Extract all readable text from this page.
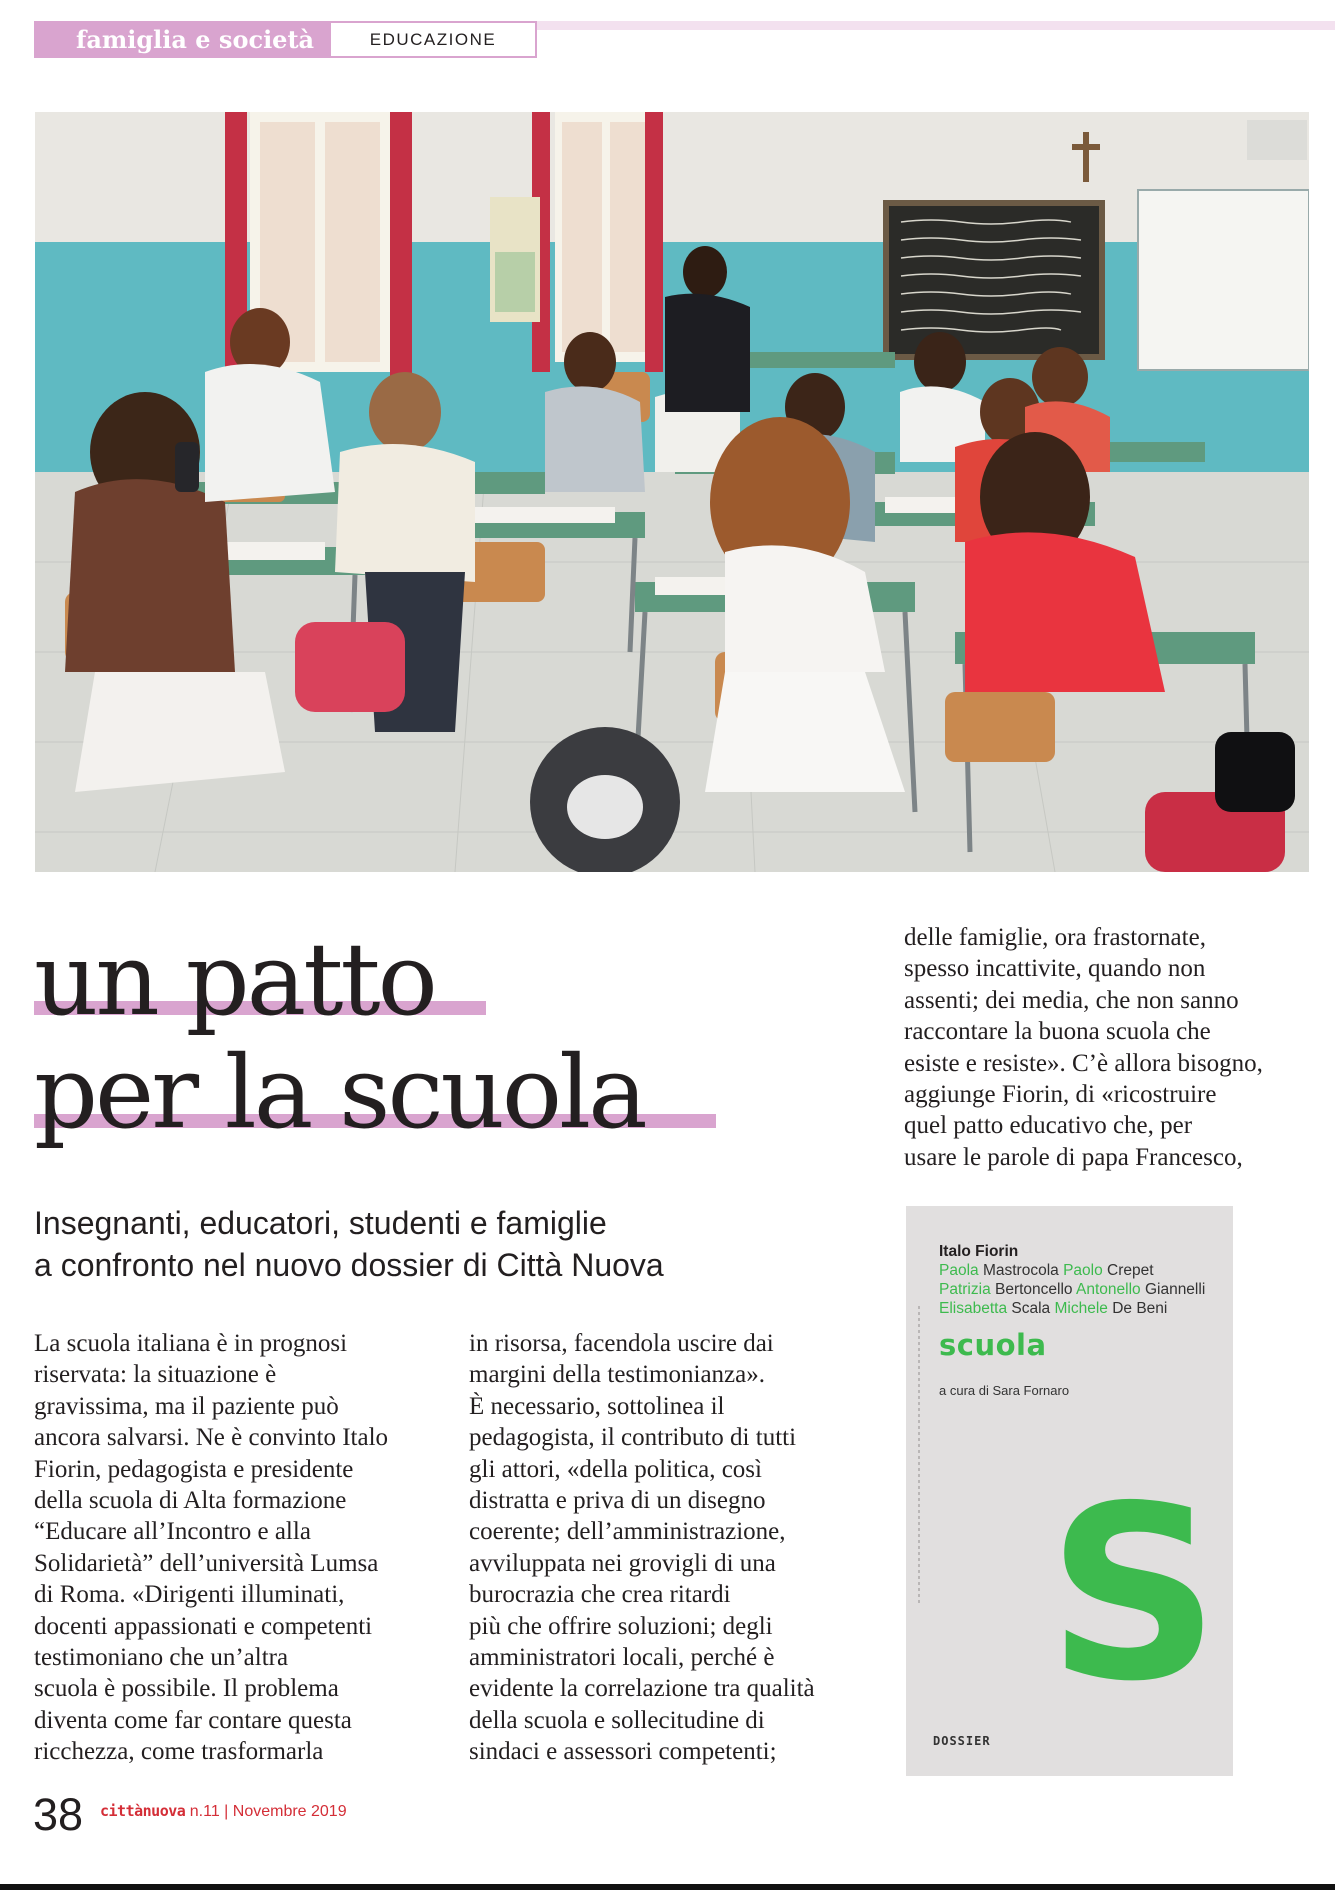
famiglia e società	EDUCAZIONE
un patto
per la scuola
Insegnanti, educatori, studenti e famiglie
a confronto nel nuovo dossier di Città Nuova
La scuola italiana è in prognosi
riservata: la situazione è
gravissima, ma il paziente può
ancora salvarsi. Ne è convinto Italo
Fiorin, pedagogista e presidente
della scuola di Alta formazione
“Educare all’Incontro e alla
Solidarietà” dell’università Lumsa
di Roma. «Dirigenti illuminati,
docenti appassionati e competenti
testimoniano che un’altra
scuola è possibile. Il problema
diventa come far contare questa
ricchezza, come trasformarla
in risorsa, facendola uscire dai
margini della testimonianza».
È necessario, sottolinea il
pedagogista, il contributo di tutti
gli attori, «della politica, così
distratta e priva di un disegno
coerente; dell’amministrazione,
avviluppata nei grovigli di una
burocrazia che crea ritardi
più che offrire soluzioni; degli
amministratori locali, perché è
evidente la correlazione tra qualità
della scuola e sollecitudine di
sindaci e assessori competenti;
delle famiglie, ora frastornate,
spesso incattivite, quando non
assenti; dei media, che non sanno
raccontare la buona scuola che
esiste e resiste». C’è allora bisogno,
aggiunge Fiorin, di «ricostruire
quel patto educativo che, per
usare le parole di papa Francesco,
Italo Fiorin
Paola Mastrocola Paolo Crepet
Patrizia Bertoncello Antonello Giannelli
Elisabetta Scala Michele De Beni
scuola
a cura di Sara Fornaro
S
DOSSIER
38 cittànuova n.11 | Novembre 2019
